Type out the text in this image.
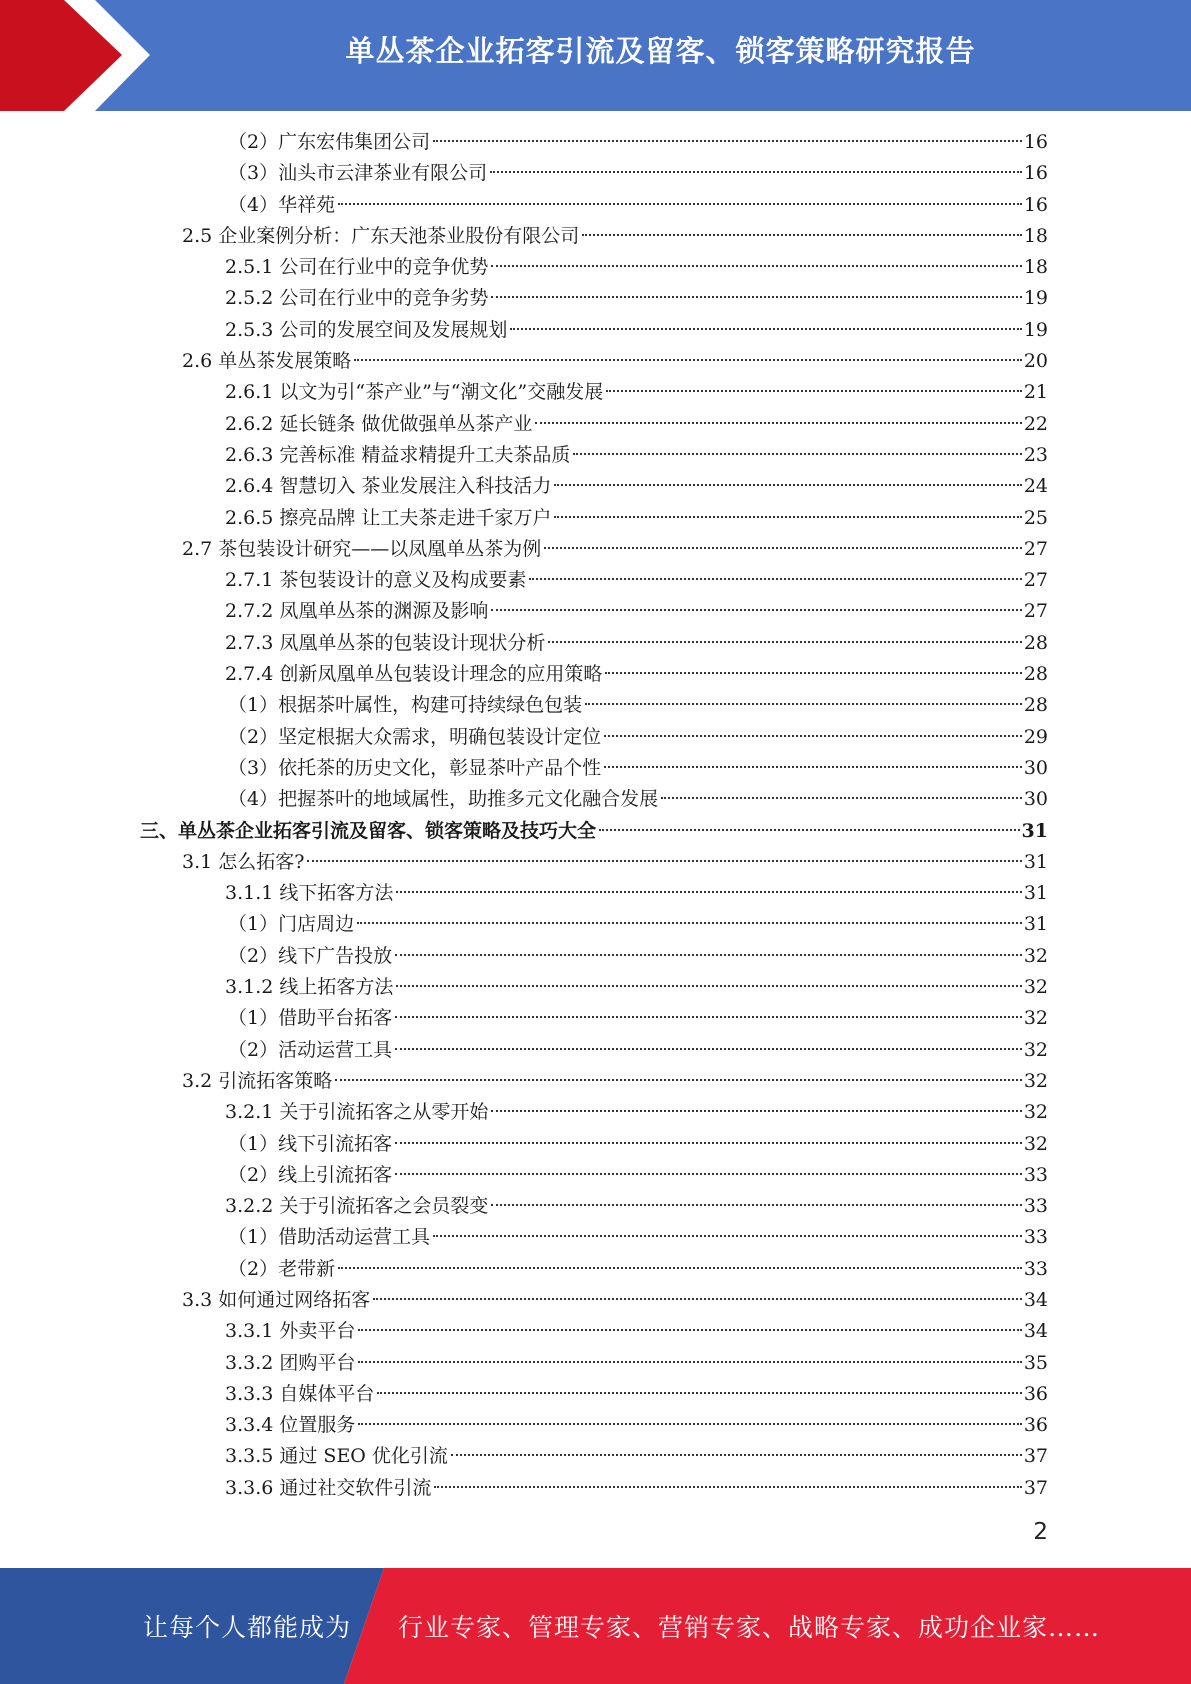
单丛茶企业拓客引流及留客、锁客策略研究报告
（2）广东宏伟集团公司	16
（3）汕头市云津茶业有限公司	16
（4）华祥苑	16
2.5 企业案例分析：广东天池茶业股份有限公司	18
2.5.1 公司在行业中的竞争优势	18
2.5.2 公司在行业中的竞争劣势	19
2.5.3 公司的发展空间及发展规划	19
2.6 单丛茶发展策略	20
2.6.1 以文为引“茶产业”与“潮文化”交融发展	21
2.6.2 延长链条 做优做强单丛茶产业	22
2.6.3 完善标准 精益求精提升工夫茶品质	23
2.6.4 智慧切入 茶业发展注入科技活力	24
2.6.5 擦亮品牌 让工夫茶走进千家万户	25
2.7 茶包装设计研究——以凤凰单丛茶为例	27
2.7.1 茶包装设计的意义及构成要素	27
2.7.2 凤凰单丛茶的渊源及影响	27
2.7.3 凤凰单丛茶的包装设计现状分析	28
2.7.4 创新凤凰单丛包装设计理念的应用策略	28
（1）根据茶叶属性，构建可持续绿色包装	28
（2）坚定根据大众需求，明确包装设计定位	29
（3）依托茶的历史文化，彰显茶叶产品个性	30
（4）把握茶叶的地域属性，助推多元文化融合发展	30
三、单丛茶企业拓客引流及留客、锁客策略及技巧大全	31
3.1 怎么拓客?	31
3.1.1 线下拓客方法	31
（1）门店周边	31
（2）线下广告投放	32
3.1.2 线上拓客方法	32
（1）借助平台拓客	32
（2）活动运营工具	32
3.2 引流拓客策略	32
3.2.1 关于引流拓客之从零开始	32
（1）线下引流拓客	32
（2）线上引流拓客	33
3.2.2 关于引流拓客之会员裂变	33
（1）借助活动运营工具	33
（2）老带新	33
3.3 如何通过网络拓客	34
3.3.1 外卖平台	34
3.3.2 团购平台	35
3.3.3 自媒体平台	36
3.3.4 位置服务	36
3.3.5 通过 SEO 优化引流	37
3.3.6 通过社交软件引流	37
2
让每个人都能成为 行业专家、管理专家、营销专家、战略专家、成功企业家……
